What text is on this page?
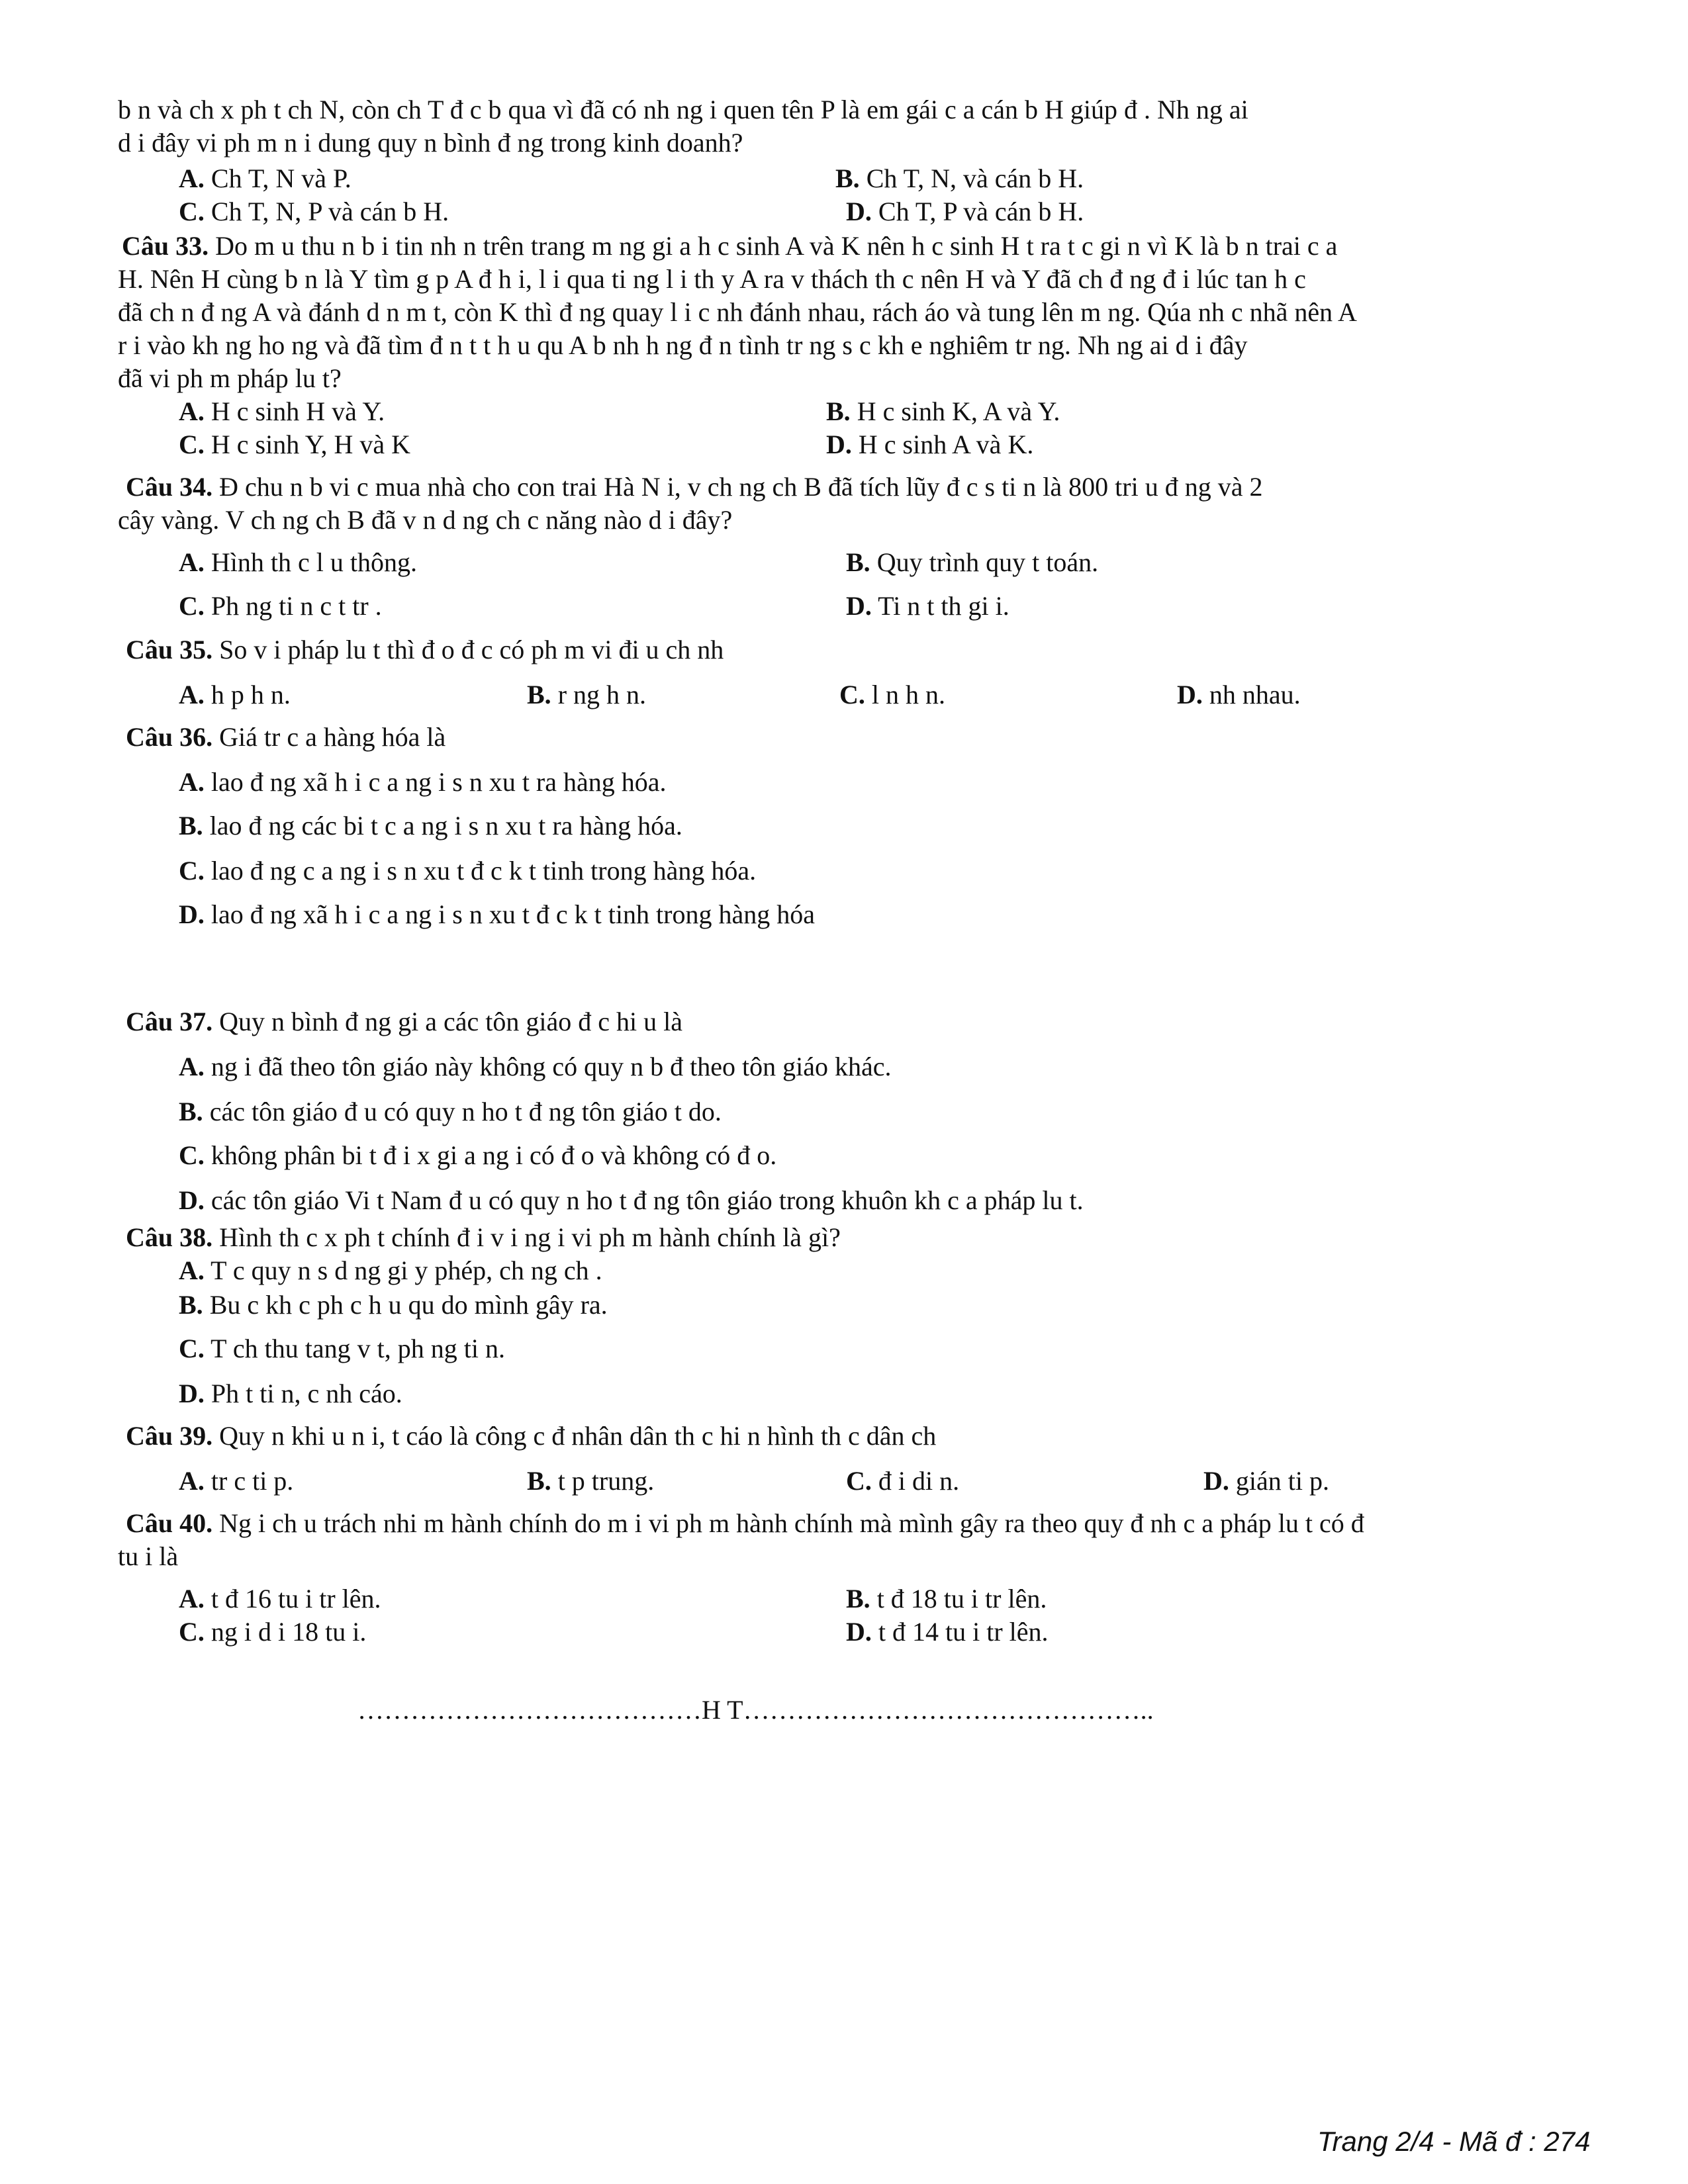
b n và ch x ph t ch N, còn ch T đ c b qua vì đã có nh ng i quen tên P là em gái c a cán b H giúp đ . Nh ng ai
d i đây vi ph m n i dung quy n bình đ ng trong kinh doanh?
A. Ch T, N và P.	B. Ch T, N, và cán b H.
C. Ch T, N, P và cán b H.	D. Ch T, P và cán b H.
Câu 33. Do m u thu n b i tin nh n trên trang m ng gi a h c sinh A và K nên h c sinh H t ra t c gi n vì K là b n trai c a
H. Nên H cùng b n là Y tìm g p A đ h i, l i qua ti ng l i th y A ra v thách th c nên H và Y đã ch đ ng đ i lúc tan h c
đã ch n đ ng A và đánh d n m t, còn K thì đ ng quay l i c nh đánh nhau, rách áo và tung lên m ng. Qúa nh c nhã nên A
r i vào kh ng ho ng và đã tìm đ n t t h u qu A b nh h ng đ n tình tr ng s c kh e nghiêm tr ng. Nh ng ai d i đây
đã vi ph m pháp lu t?
A. H c sinh H và Y.	B. H c sinh K, A và Y.
C. H c sinh Y, H và K	D. H c sinh A và K.
Câu 34. Đ chu n b vi c mua nhà cho con trai Hà N i, v ch ng ch B đã tích lũy đ c s ti n là 800 tri u đ ng và 2
cây vàng. V ch ng ch B đã v n d ng ch c năng nào d i đây?
A. Hình th c l u thông.	B. Quy trình quy t toán.
C. Ph ng ti n c t tr .	D. Ti n t th gi i.
Câu 35. So v i pháp lu t thì đ o đ c có ph m vi đi u ch nh
A. h p h n.	B. r ng h n.	C. l n h n.	D. nh nhau.
Câu 36. Giá tr c a hàng hóa là
A. lao đ ng xã h i c a ng i s n xu t ra hàng hóa.
B. lao đ ng các bi t c a ng i s n xu t ra hàng hóa.
C. lao đ ng c a ng i s n xu t đ c k t tinh trong hàng hóa.
D. lao đ ng xã h i c a ng i s n xu t đ c k t tinh trong hàng hóa
Câu 37. Quy n bình đ ng gi a các tôn giáo đ c hi u là
A. ng i đã theo tôn giáo này không có quy n b đ theo tôn giáo khác.
B. các tôn giáo đ u có quy n ho t đ ng tôn giáo t do.
C. không phân bi t đ i x gi a ng i có đ o và không có đ o.
D. các tôn giáo Vi t Nam đ u có quy n ho t đ ng tôn giáo trong khuôn kh c a pháp lu t.
Câu 38. Hình th c x ph t chính đ i v i ng i vi ph m hành chính là gì?
A. T c quy n s d ng gi y phép, ch ng ch .
B. Bu c kh c ph c h u qu do mình gây ra.
C. T ch thu tang v t, ph ng ti n.
D. Ph t ti n, c nh cáo.
Câu 39. Quy n khi u n i, t cáo là công c đ nhân dân th c hi n hình th c dân ch
A. tr c ti p.	B. t p trung.	C. đ i di n.	D. gián ti p.
Câu 40. Ng i ch u trách nhi m hành chính do m i vi ph m hành chính mà mình gây ra theo quy đ nh c a pháp lu t có đ
tu i là
A. t đ 16 tu i tr lên.	B. t đ 18 tu i tr lên.
C. ng i d i 18 tu i.	D. t đ 14 tu i tr lên.
…………………………………H T………………………………………..
Trang 2/4 - Mã đ : 274
